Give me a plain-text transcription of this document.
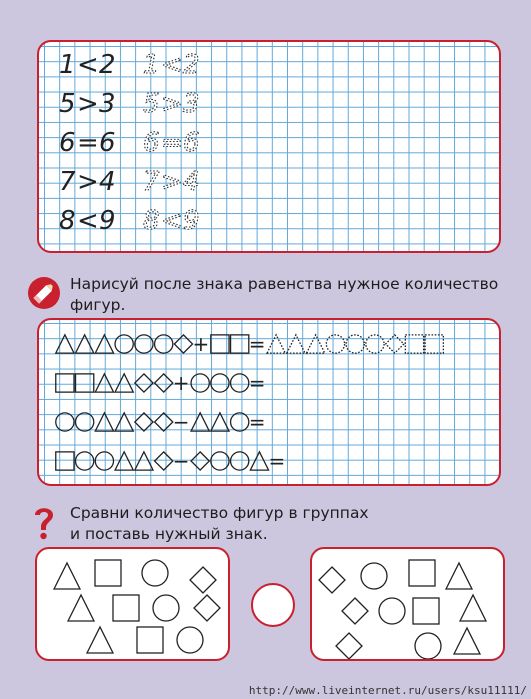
1 < 2 1 < 2
5 > 3 5 > 3
6 = 6 6 = 6
7 > 4 7 > 4
8 < 9 8 < 9
Нарисуй после знака равенства нужное количество
фигур.
+ =
+	=
−	=
−	=
Сравни количество фигур в группах
и поставь нужный знак.
http://www.liveinternet.ru/users/ksu11111/
